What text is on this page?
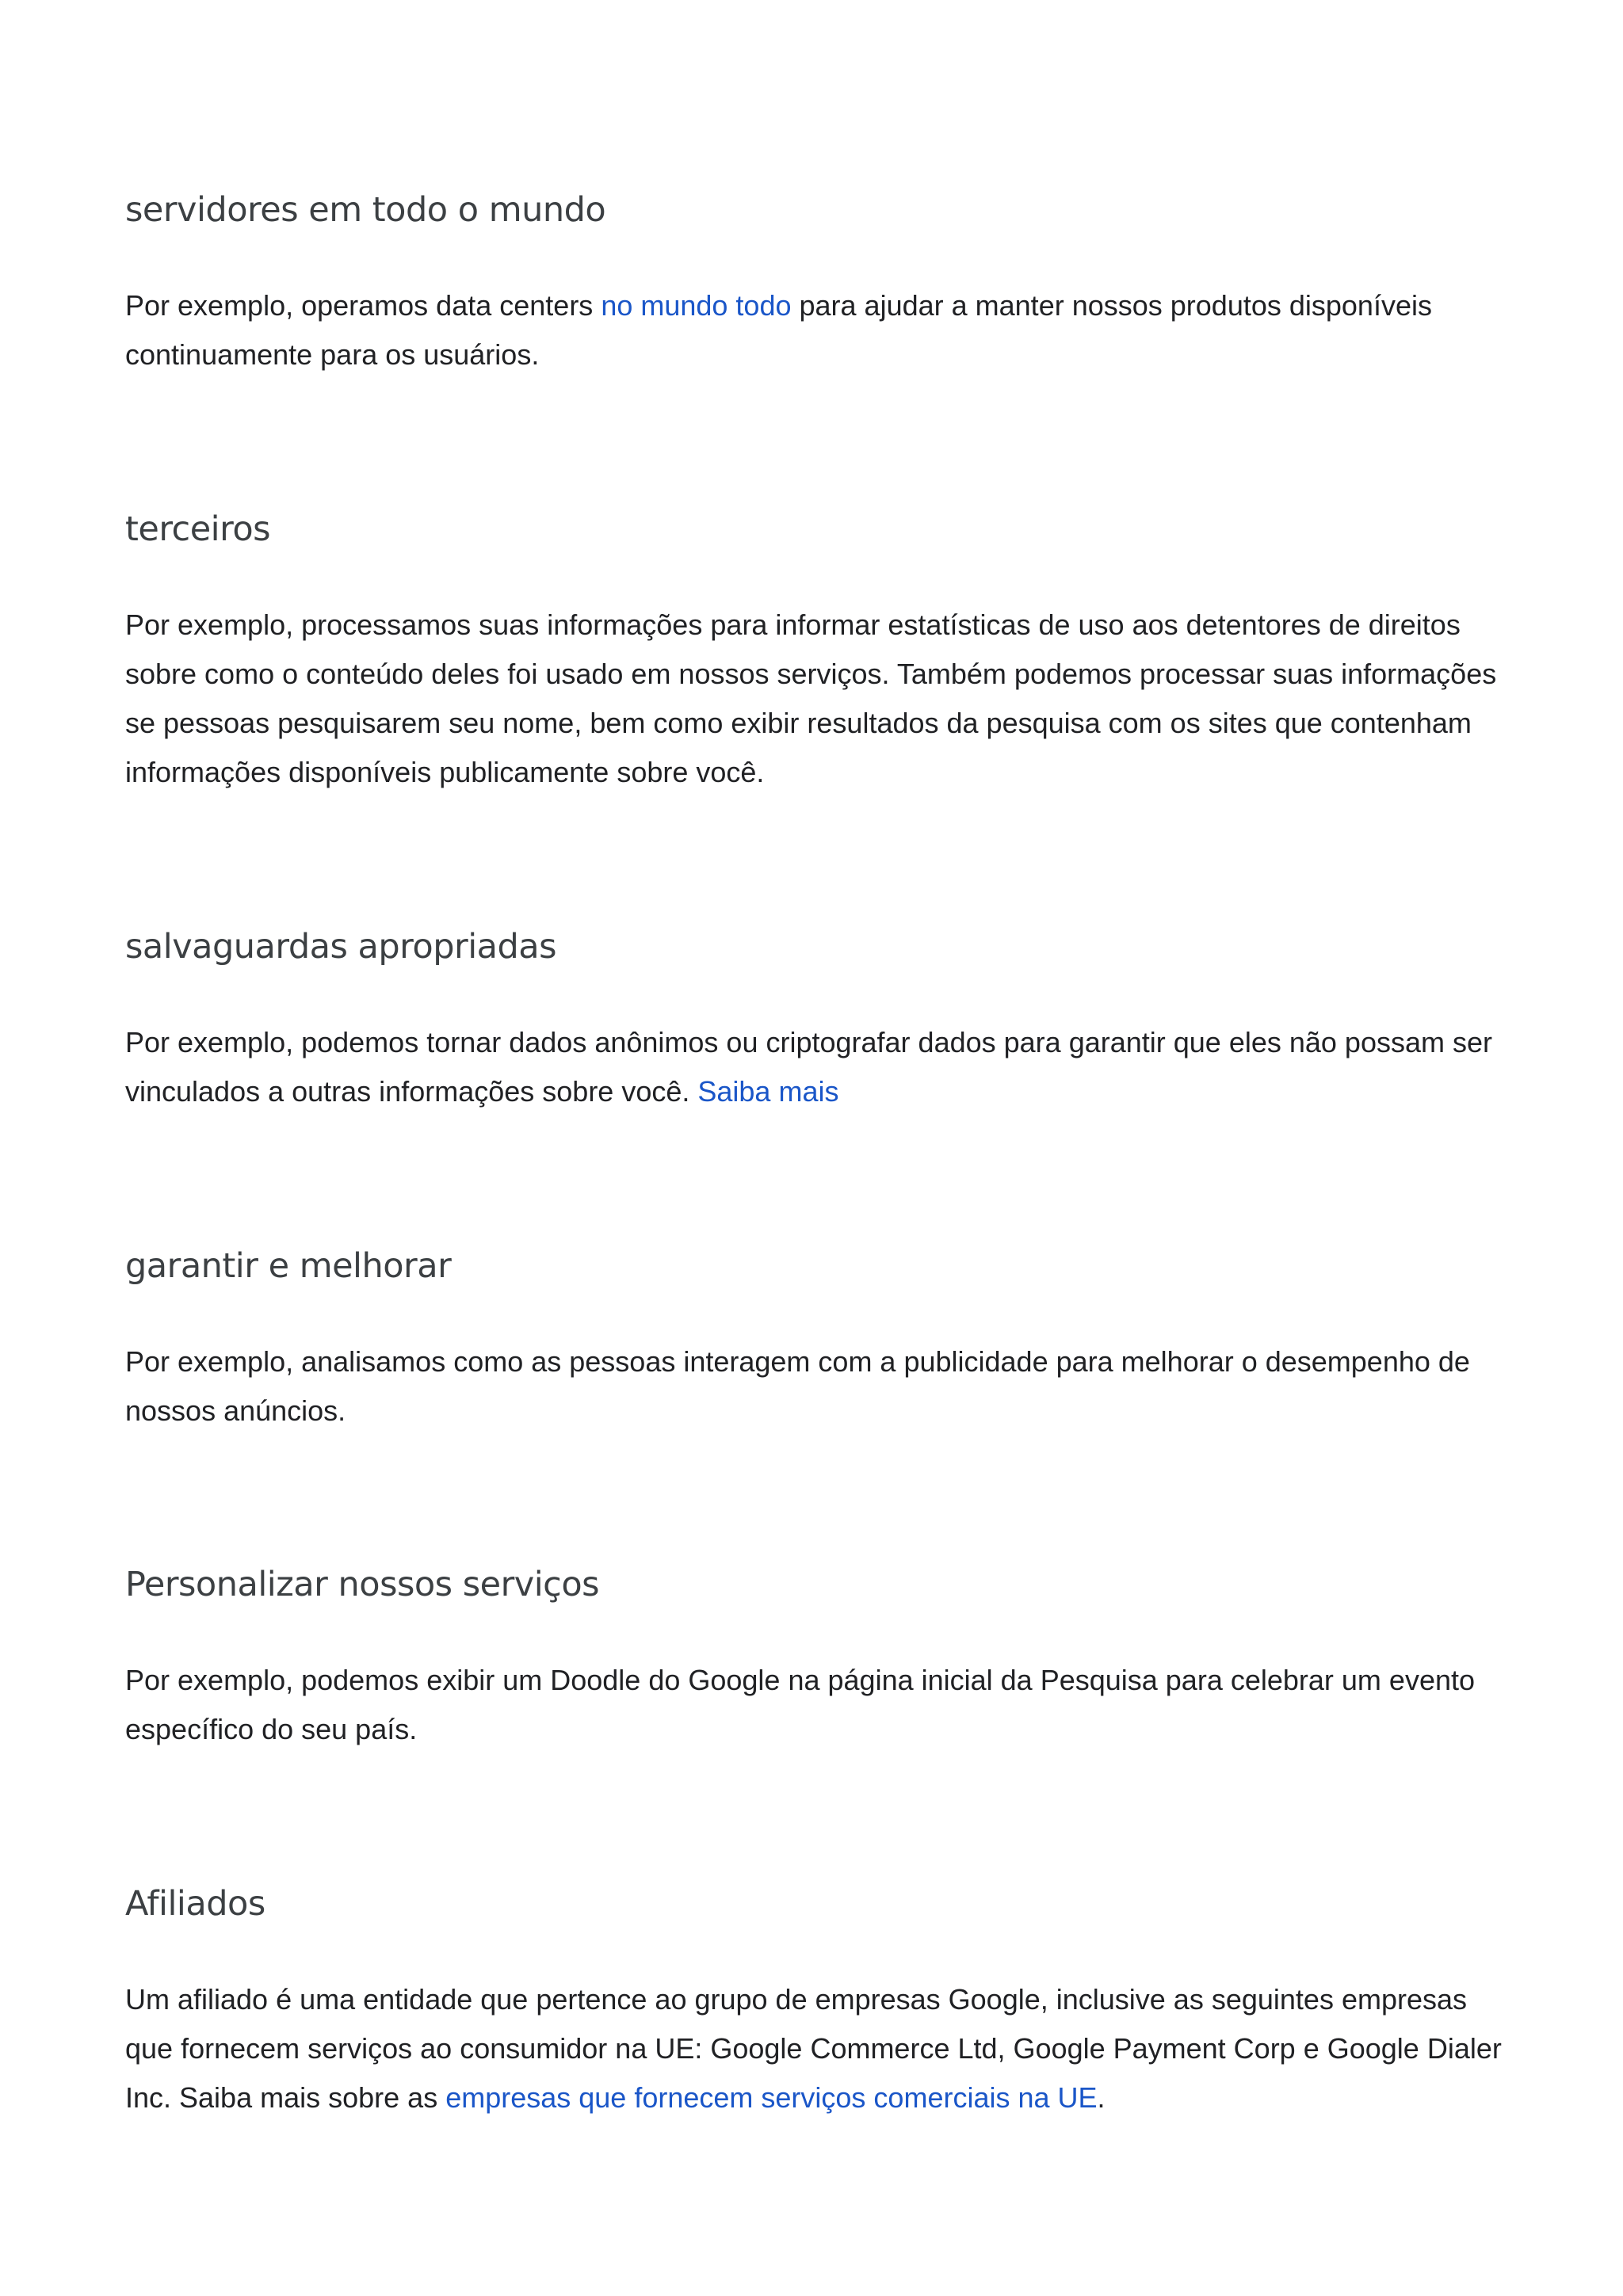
servidores em todo o mundo

Por exemplo, operamos data centers no mundo todo para ajudar a manter nossos produtos disponíveis continuamente para os usuários.

terceiros

Por exemplo, processamos suas informações para informar estatísticas de uso aos detentores de direitos sobre como o conteúdo deles foi usado em nossos serviços. Também podemos processar suas informações se pessoas pesquisarem seu nome, bem como exibir resultados da pesquisa com os sites que contenham informações disponíveis publicamente sobre você.

salvaguardas apropriadas

Por exemplo, podemos tornar dados anônimos ou criptografar dados para garantir que eles não possam ser vinculados a outras informações sobre você. Saiba mais

garantir e melhorar

Por exemplo, analisamos como as pessoas interagem com a publicidade para melhorar o desempenho de nossos anúncios.

Personalizar nossos serviços

Por exemplo, podemos exibir um Doodle do Google na página inicial da Pesquisa para celebrar um evento específico do seu país.

Afiliados

Um afiliado é uma entidade que pertence ao grupo de empresas Google, inclusive as seguintes empresas que fornecem serviços ao consumidor na UE: Google Commerce Ltd, Google Payment Corp e Google Dialer Inc. Saiba mais sobre as empresas que fornecem serviços comerciais na UE.
